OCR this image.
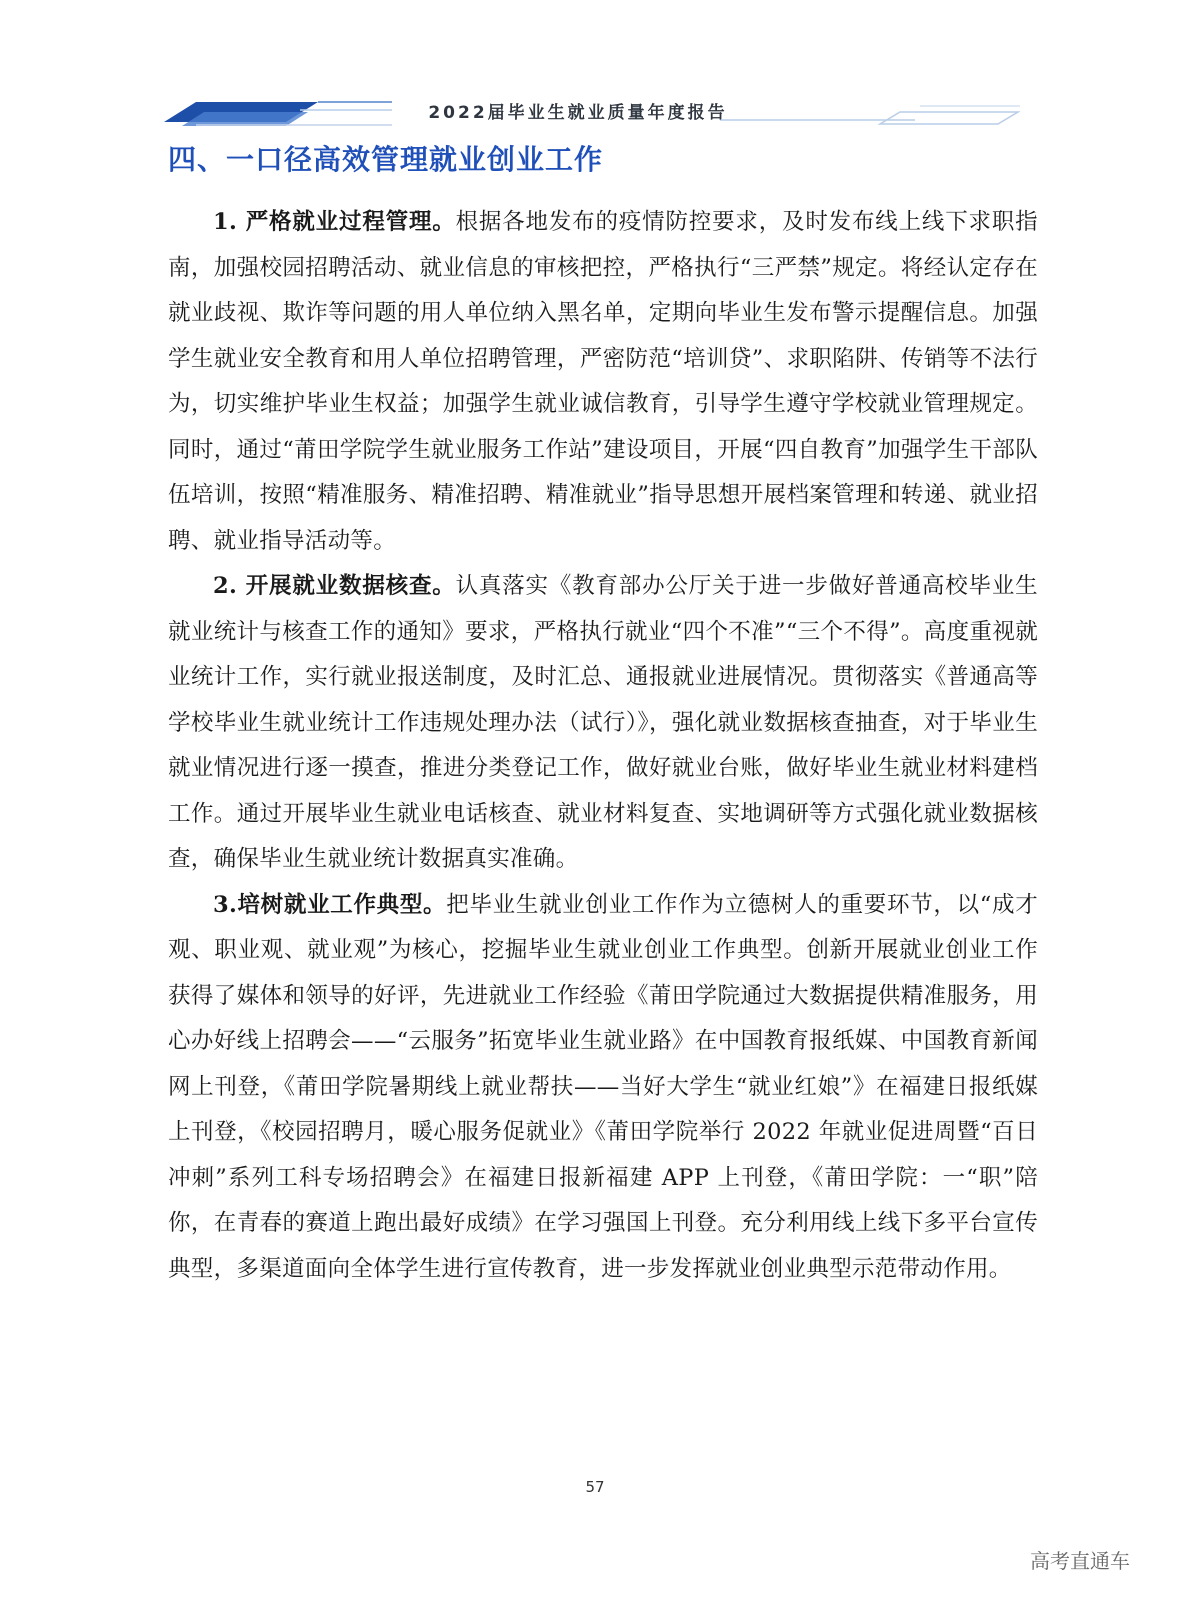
2022届毕业生就业质量年度报告
四、一口径高效管理就业创业工作

1. 严格就业过程管理。根据各地发布的疫情防控要求，及时发布线上线下求职指南，加强校园招聘活动、就业信息的审核把控，严格执行“三严禁”规定。将经认定存在就业歧视、欺诈等问题的用人单位纳入黑名单，定期向毕业生发布警示提醒信息。加强学生就业安全教育和用人单位招聘管理，严密防范“培训贷”、求职陷阱、传销等不法行为，切实维护毕业生权益；加强学生就业诚信教育，引导学生遵守学校就业管理规定。同时，通过“莆田学院学生就业服务工作站”建设项目，开展“四自教育”加强学生干部队伍培训，按照“精准服务、精准招聘、精准就业”指导思想开展档案管理和转递、就业招聘、就业指导活动等。

2. 开展就业数据核查。认真落实《教育部办公厅关于进一步做好普通高校毕业生就业统计与核查工作的通知》要求，严格执行就业“四个不准”“三个不得”。高度重视就业统计工作，实行就业报送制度，及时汇总、通报就业进展情况。贯彻落实《普通高等学校毕业生就业统计工作违规处理办法（试行）》，强化就业数据核查抽查，对于毕业生就业情况进行逐一摸查，推进分类登记工作，做好就业台账，做好毕业生就业材料建档工作。通过开展毕业生就业电话核查、就业材料复查、实地调研等方式强化就业数据核查，确保毕业生就业统计数据真实准确。

3.培树就业工作典型。把毕业生就业创业工作作为立德树人的重要环节，以“成才观、职业观、就业观”为核心，挖掘毕业生就业创业工作典型。创新开展就业创业工作获得了媒体和领导的好评，先进就业工作经验《莆田学院通过大数据提供精准服务，用心办好线上招聘会——“云服务”拓宽毕业生就业路》在中国教育报纸媒、中国教育新闻网上刊登，《莆田学院暑期线上就业帮扶——当好大学生“就业红娘”》在福建日报纸媒上刊登，《校园招聘月，暖心服务促就业》《莆田学院举行 2022 年就业促进周暨“百日冲刺”系列工科专场招聘会》在福建日报新福建 APP 上刊登，《莆田学院：一“职”陪你，在青春的赛道上跑出最好成绩》在学习强国上刊登。充分利用线上线下多平台宣传典型，多渠道面向全体学生进行宣传教育，进一步发挥就业创业典型示范带动作用。

57
高考直通车
